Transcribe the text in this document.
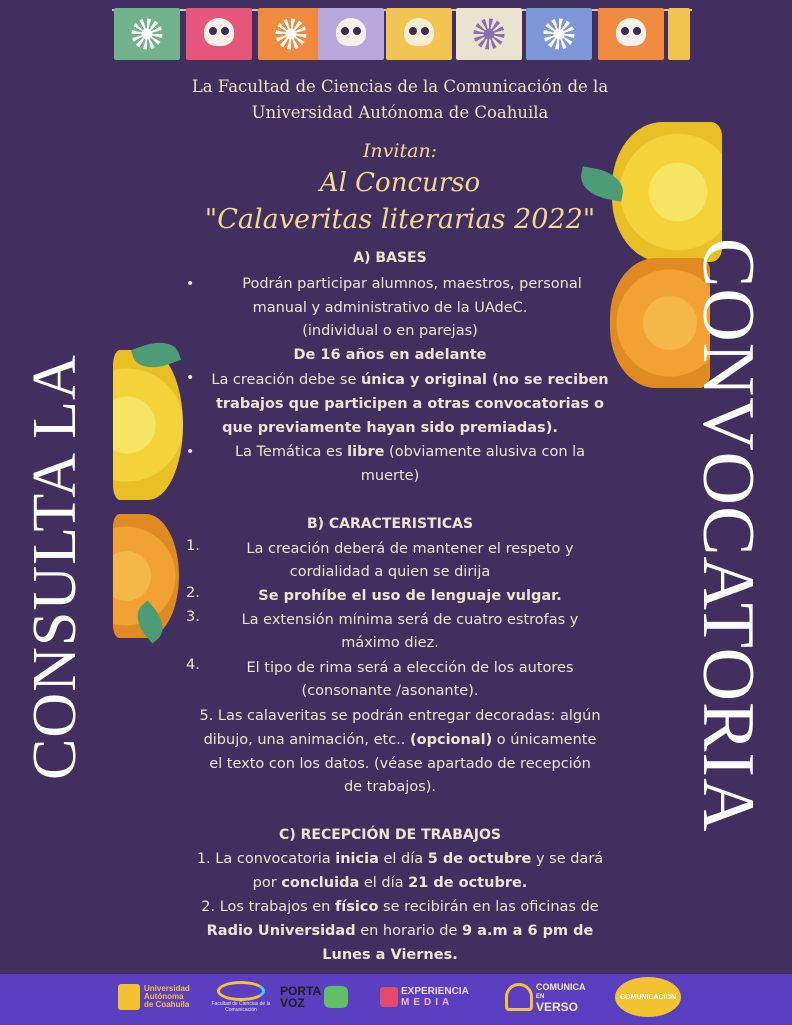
CONSULTA LA	CONVOCATORIA
La Facultad de Ciencias de la Comunicación de la
Universidad Autónoma de Coahuila
Invitan:
Al Concurso
"Calaveritas literarias 2022"
A) BASES
•	Podrán participar alumnos, maestros, personal
manual y administrativo de la UAdeC.
(individual o en parejas)
De 16 años en adelante
•	La creación debe se única y original (no se reciben
trabajos que participen a otras convocatorias o
que previamente hayan sido premiadas).
•	La Temática es libre (obviamente alusiva con la
muerte)
B) CARACTERISTICAS
1.	La creación deberá de mantener el respeto y
cordialidad a quien se dirija
2.	Se prohíbe el uso de lenguaje vulgar.
3.	La extensión mínima será de cuatro estrofas y
máximo diez.
4.	El tipo de rima será a elección de los autores
(consonante /asonante).
5. Las calaveritas se podrán entregar decoradas: algún
dibujo, una animación, etc.. (opcional) o únicamente
el texto con los datos. (véase apartado de recepción
de trabajos).
C) RECEPCIÓN DE TRABAJOS
1. La convocatoria inicia el día 5 de octubre y se dará
por concluida el día 21 de octubre.
2. Los trabajos en físico se recibirán en las oficinas de
Radio Universidad en horario de 9 a.m a 6 pm de
Lunes a Viernes.
Universidad
Autónoma
de Coahuila	Facultad de Ciencias de la Comunicación
PORTA
VOZ
EXPERIENCIA
MEDIA
COMUNICA
EN
VERSO
COMUNICACIÓN
